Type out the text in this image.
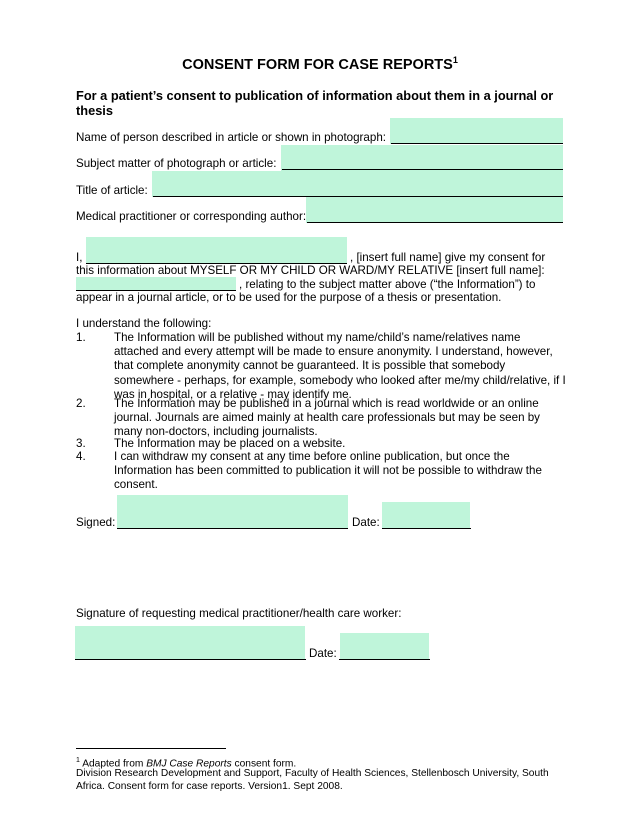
CONSENT FORM FOR CASE REPORTS$^1$
For a patient’s consent to publication of information about them in a journal or thesis
Name of person described in article or shown in photograph:
Subject matter of photograph or article:
Title of article:
Medical practitioner or corresponding author:
I,	, [insert full name] give my consent for
this information about MYSELF OR MY CHILD OR WARD/MY RELATIVE [insert full name]:
, relating to the subject matter above (“the Information”) to
appear in a journal article, or to be used for the purpose of a thesis or presentation.
I understand the following:
1. The Information will be published without my name/child’s name/relatives name attached and every attempt will be made to ensure anonymity. I understand, however, that complete anonymity cannot be guaranteed. It is possible that somebody somewhere - perhaps, for example, somebody who looked after me/my child/relative, if I was in hospital, or a relative - may identify me.
2. The Information may be published in a journal which is read worldwide or an online journal. Journals are aimed mainly at health care professionals but may be seen by many non-doctors, including journalists.
3. The Information may be placed on a website.
4. I can withdraw my consent at any time before online publication, but once the Information has been committed to publication it will not be possible to withdraw the consent.
Signed:	Date:
Signature of requesting medical practitioner/health care worker:
Date:
$^1$ Adapted from BMJ Case Reports consent form.
Division Research Development and Support, Faculty of Health Sciences, Stellenbosch University, South Africa. Consent form for case reports. Version1. Sept 2008.
